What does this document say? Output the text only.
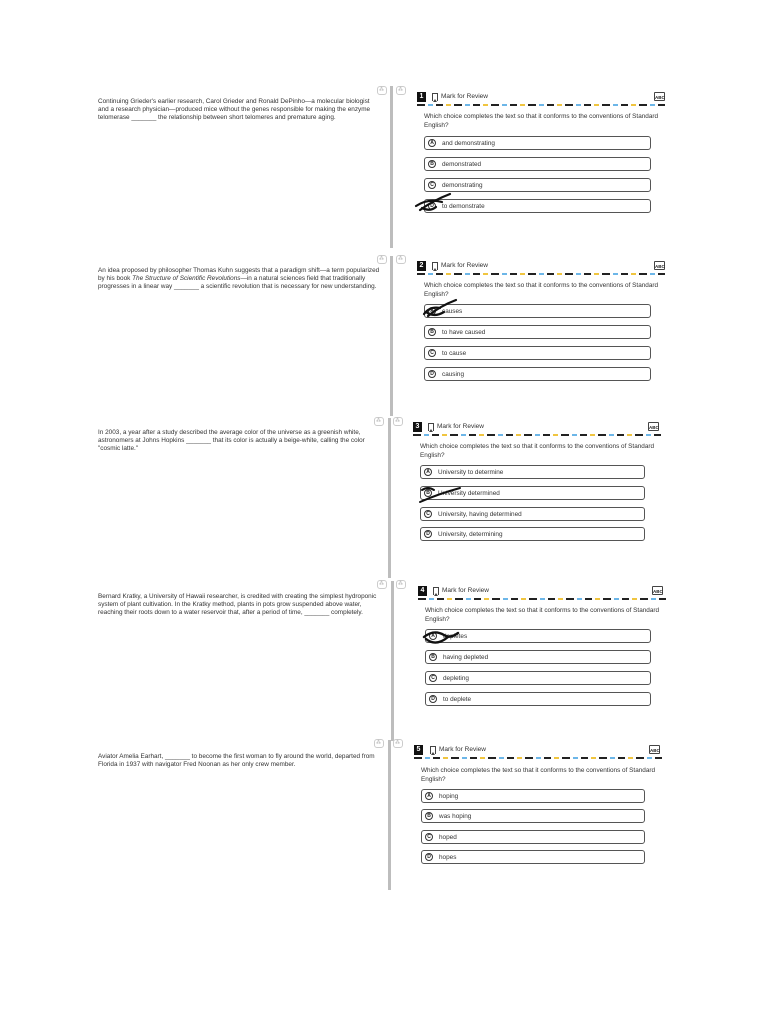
Continuing Grieder's earlier research, Carol Grieder and Ronald DePinho—a molecular biologist and a research physician—produced mice without the genes responsible for making the enzyme telomerase _______ the relationship between short telomeres and premature aging.
⁂	⁂
1	Mark for Review	ABC
Which choice completes the text so that it conforms to the conventions of Standard English?
A	and demonstrating
B	demonstrated
C	demonstrating
D	to demonstrate
An idea proposed by philosopher Thomas Kuhn suggests that a paradigm shift—a term popularized by his book The Structure of Scientific Revolutions—in a natural sciences field that traditionally progresses in a linear way _______ a scientific revolution that is necessary for new understanding.
⁂	⁂
2	Mark for Review	ABC
Which choice completes the text so that it conforms to the conventions of Standard English?
A	causes
B	to have caused
C	to cause
D	causing
In 2003, a year after a study described the average color of the universe as a greenish white, astronomers at Johns Hopkins _______ that its color is actually a beige-white, calling the color "cosmic latte."
⁂	⁂
3	Mark for Review	ABC
Which choice completes the text so that it conforms to the conventions of Standard English?
A	University to determine
B	University determined
C	University, having determined
D	University, determining
Bernard Kratky, a University of Hawaii researcher, is credited with creating the simplest hydroponic system of plant cultivation. In the Kratky method, plants in pots grow suspended above water, reaching their roots down to a water reservoir that, after a period of time, _______ completely.
⁂	⁂
4	Mark for Review	ABC
Which choice completes the text so that it conforms to the conventions of Standard English?
A	depletes
B	having depleted
C	depleting
D	to deplete
Aviator Amelia Earhart, _______ to become the first woman to fly around the world, departed from Florida in 1937 with navigator Fred Noonan as her only crew member.
⁂	⁂
5	Mark for Review	ABC
Which choice completes the text so that it conforms to the conventions of Standard English?
A	hoping
B	was hoping
C	hoped
D	hopes
